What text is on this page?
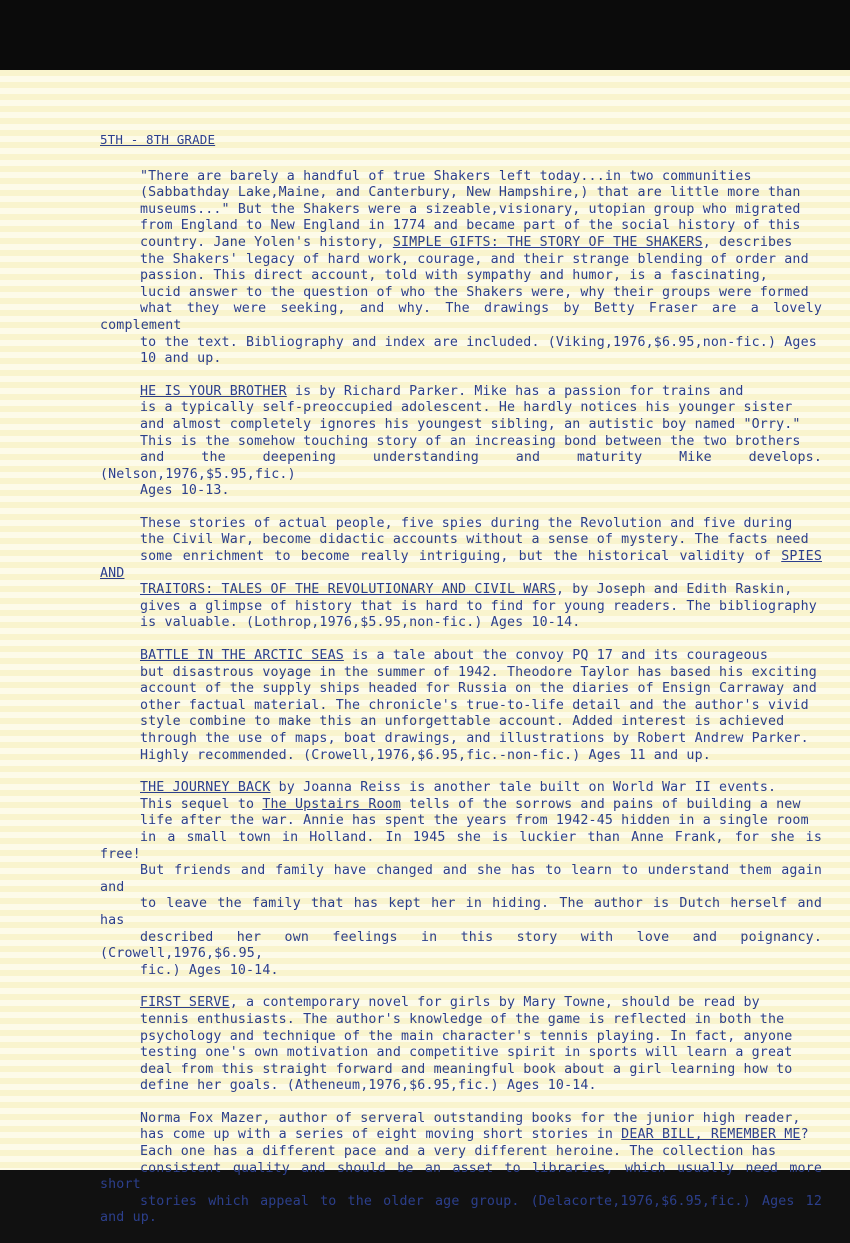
5TH - 8TH GRADE
"There are barely a handful of true Shakers left today...in two communities
(Sabbathday Lake,Maine, and Canterbury, New Hampshire,) that are little more than
museums..." But the Shakers were a sizeable,visionary, utopian group who migrated
from England to New England in 1774 and became part of the social history of this
country. Jane Yolen's history, SIMPLE GIFTS: THE STORY OF THE SHAKERS, describes
the Shakers' legacy of hard work, courage, and their strange blending of order and
passion. This direct account, told with sympathy and humor, is a fascinating,
lucid answer to the question of who the Shakers were, why their groups were formed
what they were seeking, and why. The drawings by Betty Fraser are a lovely complement
to the text. Bibliography and index are included. (Viking,1976,$6.95,non-fic.) Ages
10 and up.
HE IS YOUR BROTHER is by Richard Parker. Mike has a passion for trains and
is a typically self-preoccupied adolescent. He hardly notices his younger sister
and almost completely ignores his youngest sibling, an autistic boy named "Orry."
This is the somehow touching story of an increasing bond between the two brothers
and the deepening understanding and maturity Mike develops. (Nelson,1976,$5.95,fic.)
Ages 10-13.
These stories of actual people, five spies during the Revolution and five during
the Civil War, become didactic accounts without a sense of mystery. The facts need
some enrichment to become really intriguing, but the historical validity of SPIES AND
TRAITORS: TALES OF THE REVOLUTIONARY AND CIVIL WARS, by Joseph and Edith Raskin,
gives a glimpse of history that is hard to find for young readers. The bibliography
is valuable. (Lothrop,1976,$5.95,non-fic.) Ages 10-14.
BATTLE IN THE ARCTIC SEAS is a tale about the convoy PQ 17 and its courageous
but disastrous voyage in the summer of 1942. Theodore Taylor has based his exciting
account of the supply ships headed for Russia on the diaries of Ensign Carraway and
other factual material. The chronicle's true-to-life detail and the author's vivid
style combine to make this an unforgettable account. Added interest is achieved
through the use of maps, boat drawings, and illustrations by Robert Andrew Parker.
Highly recommended. (Crowell,1976,$6.95,fic.-non-fic.) Ages 11 and up.
THE JOURNEY BACK by Joanna Reiss is another tale built on World War II events.
This sequel to The Upstairs Room tells of the sorrows and pains of building a new
life after the war. Annie has spent the years from 1942-45 hidden in a single room
in a small town in Holland. In 1945 she is luckier than Anne Frank, for she is free!
But friends and family have changed and she has to learn to understand them again and
to leave the family that has kept her in hiding. The author is Dutch herself and has
described her own feelings in this story with love and poignancy. (Crowell,1976,$6.95,
fic.) Ages 10-14.
FIRST SERVE, a contemporary novel for girls by Mary Towne, should be read by
tennis enthusiasts. The author's knowledge of the game is reflected in both the
psychology and technique of the main character's tennis playing. In fact, anyone
testing one's own motivation and competitive spirit in sports will learn a great
deal from this straight forward and meaningful book about a girl learning how to
define her goals. (Atheneum,1976,$6.95,fic.) Ages 10-14.
Norma Fox Mazer, author of serveral outstanding books for the junior high reader,
has come up with a series of eight moving short stories in DEAR BILL, REMEMBER ME?
Each one has a different pace and a very different heroine. The collection has
consistent quality and should be an asset to libraries, which usually need more short
stories which appeal to the older age group. (Delacorte,1976,$6.95,fic.) Ages 12 and up.
